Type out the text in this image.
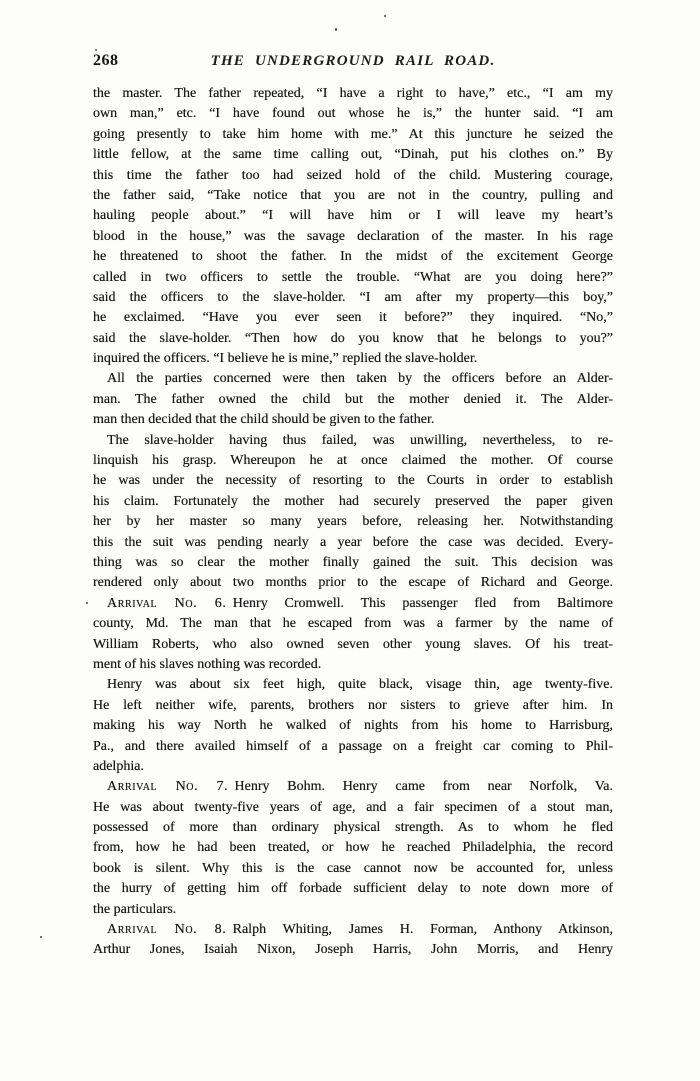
268	THE UNDERGROUND RAIL ROAD.
the master. The father repeated, “I have a right to have,” etc., “I am my
own man,” etc. “I have found out whose he is,” the hunter said. “I am
going presently to take him home with me.” At this juncture he seized the
little fellow, at the same time calling out, “Dinah, put his clothes on.” By
this time the father too had seized hold of the child. Mustering courage,
the father said, “Take notice that you are not in the country, pulling and
hauling people about.” “I will have him or I will leave my heart’s
blood in the house,” was the savage declaration of the master. In his rage
he threatened to shoot the father. In the midst of the excitement George
called in two officers to settle the trouble. “What are you doing here?”
said the officers to the slave-holder. “I am after my property—this boy,”
he exclaimed. “Have you ever seen it before?” they inquired. “No,”
said the slave-holder. “Then how do you know that he belongs to you?”
inquired the officers. “I believe he is mine,” replied the slave-holder.
All the parties concerned were then taken by the officers before an Alder-
man. The father owned the child but the mother denied it. The Alder-
man then decided that the child should be given to the father.
The slave-holder having thus failed, was unwilling, nevertheless, to re-
linquish his grasp. Whereupon he at once claimed the mother. Of course
he was under the necessity of resorting to the Courts in order to establish
his claim. Fortunately the mother had securely preserved the paper given
her by her master so many years before, releasing her. Notwithstanding
this the suit was pending nearly a year before the case was decided. Every-
thing was so clear the mother finally gained the suit. This decision was
rendered only about two months prior to the escape of Richard and George.
Arrival No. 6. Henry Cromwell. This passenger fled from Baltimore
county, Md. The man that he escaped from was a farmer by the name of
William Roberts, who also owned seven other young slaves. Of his treat-
ment of his slaves nothing was recorded.
Henry was about six feet high, quite black, visage thin, age twenty-five.
He left neither wife, parents, brothers nor sisters to grieve after him. In
making his way North he walked of nights from his home to Harrisburg,
Pa., and there availed himself of a passage on a freight car coming to Phil-
adelphia.
Arrival No. 7. Henry Bohm. Henry came from near Norfolk, Va.
He was about twenty-five years of age, and a fair specimen of a stout man,
possessed of more than ordinary physical strength. As to whom he fled
from, how he had been treated, or how he reached Philadelphia, the record
book is silent. Why this is the case cannot now be accounted for, unless
the hurry of getting him off forbade sufficient delay to note down more of
the particulars.
Arrival No. 8. Ralph Whiting, James H. Forman, Anthony Atkinson,
Arthur Jones, Isaiah Nixon, Joseph Harris, John Morris, and Henry
